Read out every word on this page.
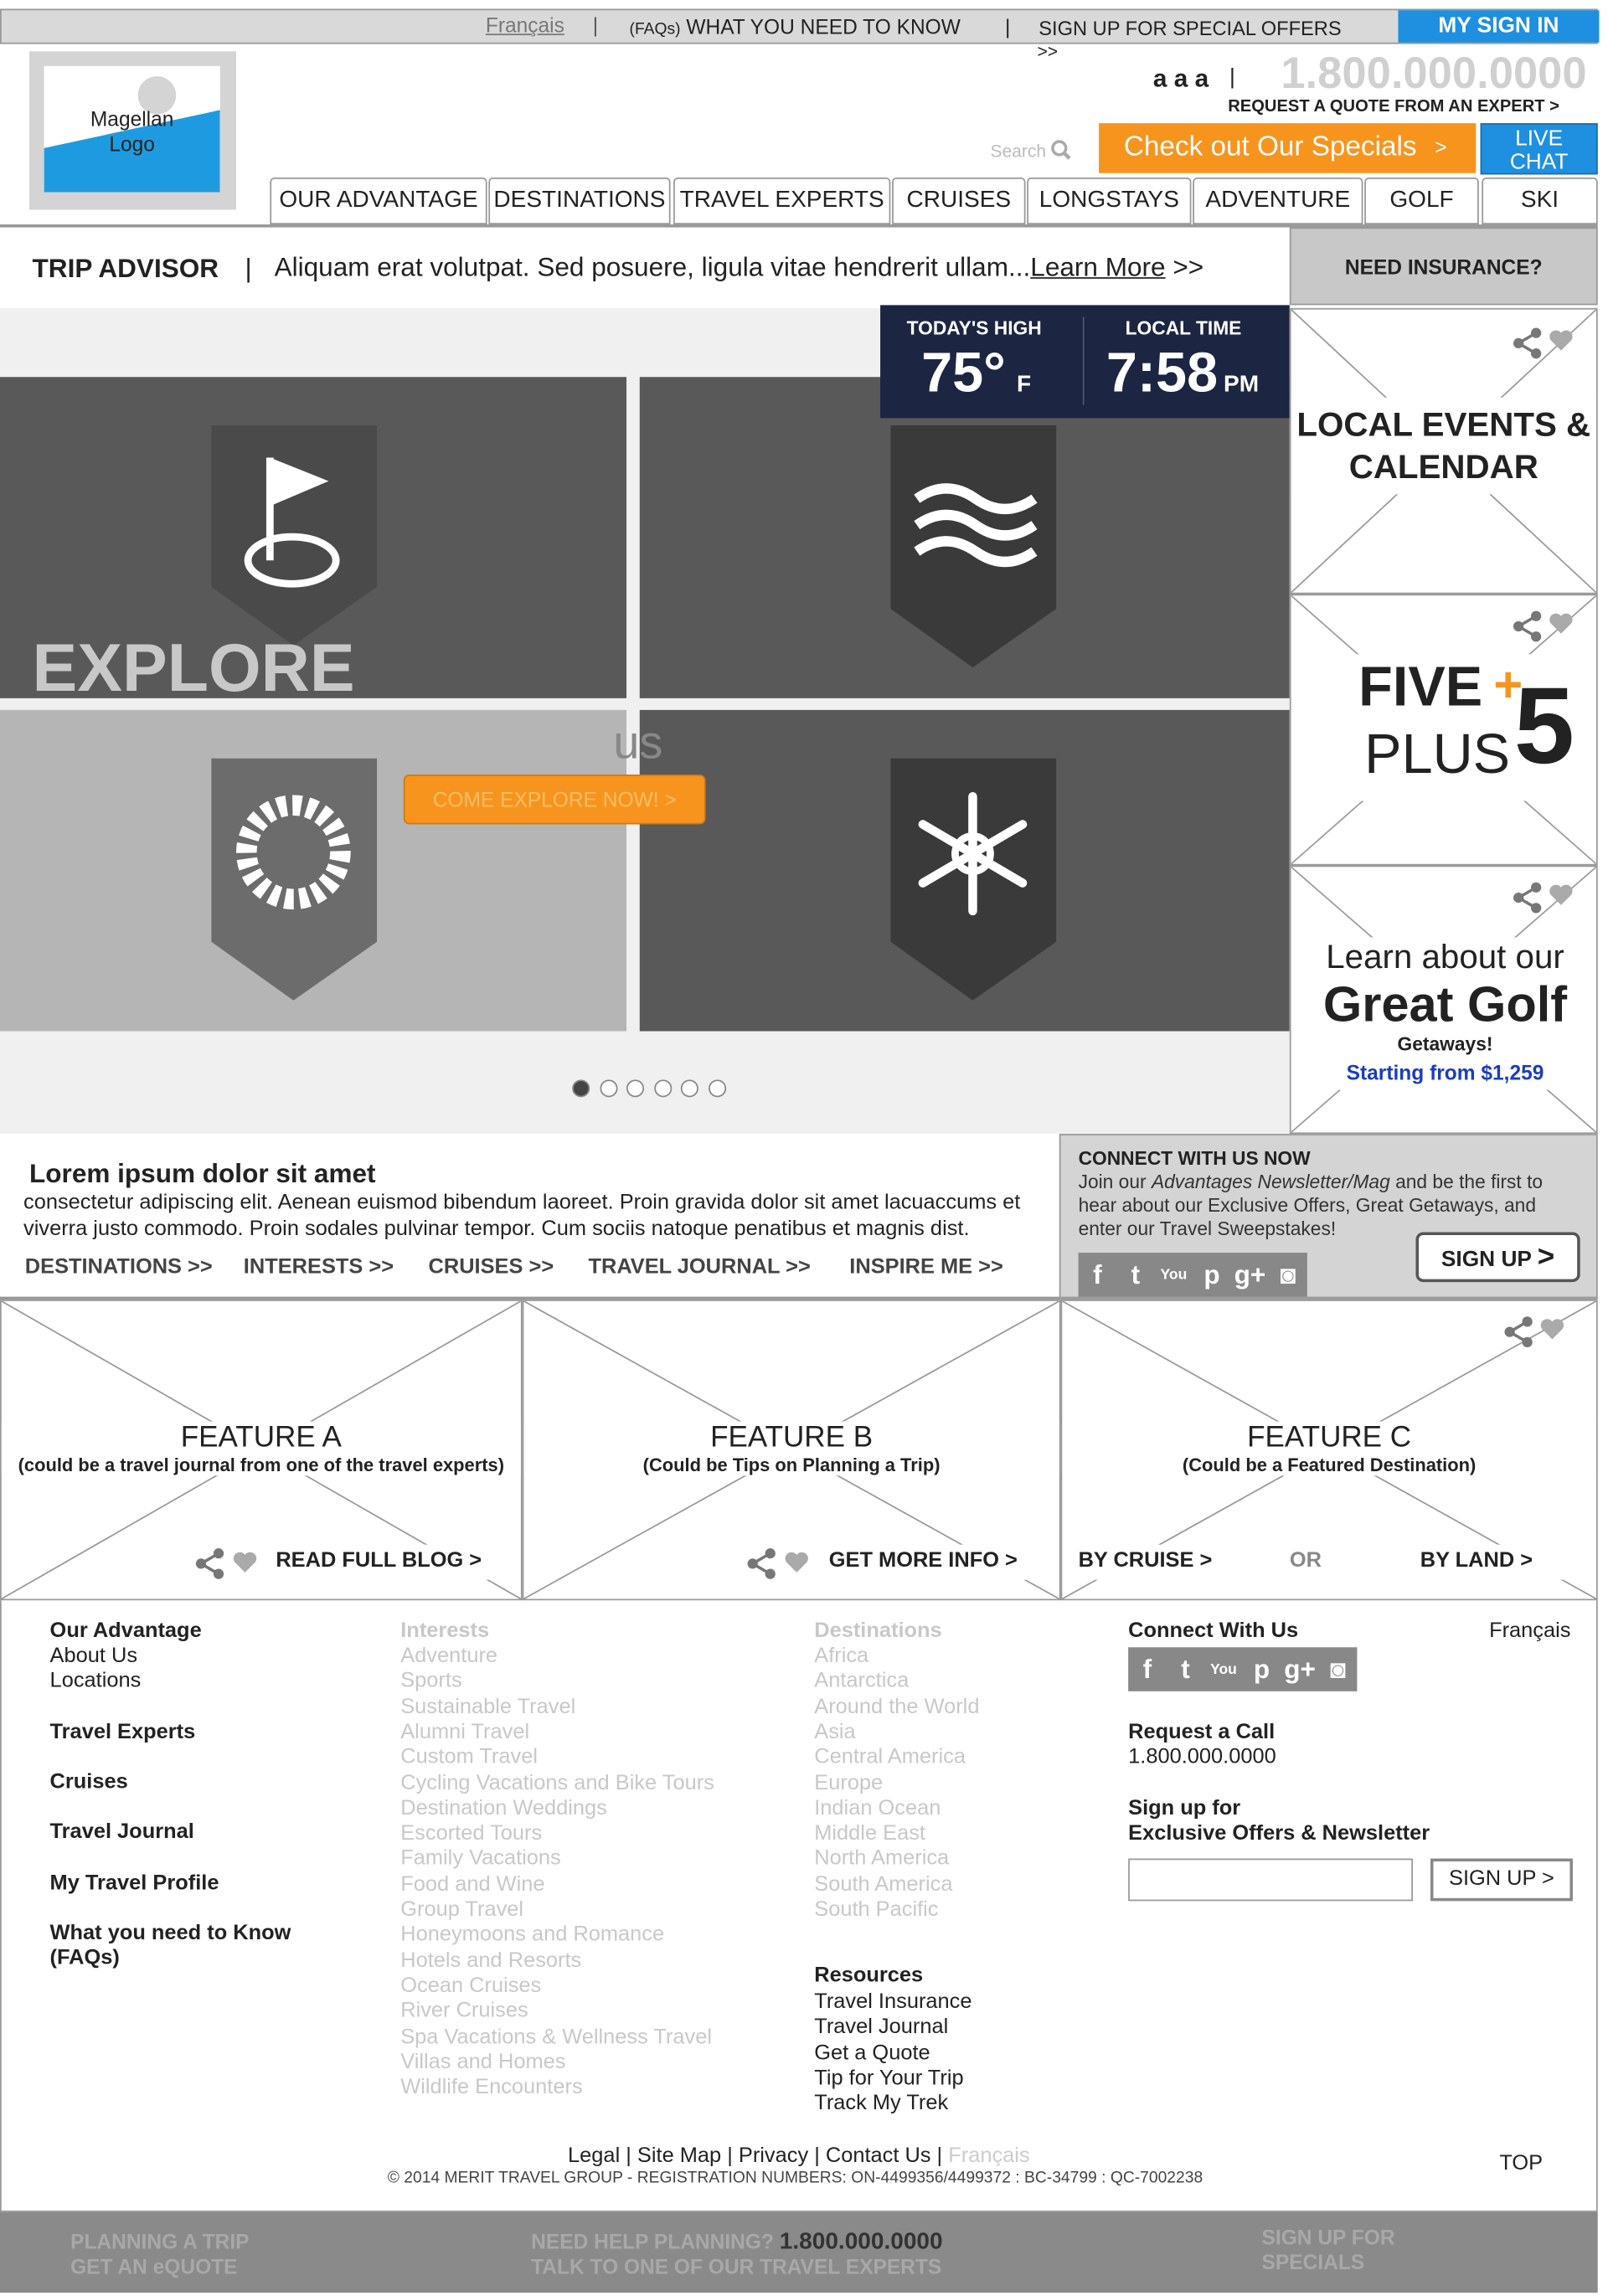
Français |	(FAQs) WHAT YOU NEED TO KNOW	|	SIGN UP FOR SPECIAL OFFERS	MY SIGN IN
>>
Magellan Logo
a a a | 1.800.000.0000
REQUEST A QUOTE FROM AN EXPERT >
Search	Check out Our Specials >	LIVE CHAT
OUR ADVANTAGE	DESTINATIONS	TRAVEL EXPERTS	CRUISES	LONGSTAYS	ADVENTURE	GOLF	SKI
TRIP ADVISOR | Aliquam erat volutpat. Sed posuere, ligula vitae hendrerit ullam...Learn More >>	NEED INSURANCE?
EXPLORE
us
COME EXPLORE NOW! >
TODAY'S HIGH
75° F
LOCAL TIME
7:58 PM
LOCAL EVENTS & CALENDAR
FIVE +
PLUS 5
Learn about our
Great Golf
Getaways!
Starting from $1,259
Lorem ipsum dolor sit amet
consectetur adipiscing elit. Aenean euismod bibendum laoreet. Proin gravida dolor sit amet lacuaccums et viverra justo commodo. Proin sodales pulvinar tempor. Cum sociis natoque penatibus et magnis dist.
DESTINATIONS >>	INTERESTS >>	CRUISES >>	TRAVEL JOURNAL >>	INSPIRE ME >>
CONNECT WITH US NOW
Join our Advantages Newsletter/Mag and be the first to hear about our Exclusive Offers, Great Getaways, and enter our Travel Sweepstakes!
f	t	You	p g+ ◙
SIGN UP >
FEATURE A
(could be a travel journal from one of the travel experts)
READ FULL BLOG >
FEATURE B
(Could be Tips on Planning a Trip)
GET MORE INFO >
FEATURE C
(Could be a Featured Destination)
BY CRUISE >	OR	BY LAND >
Our Advantage
About Us
Locations
Travel Experts
Cruises
Travel Journal
My Travel Profile
What you need to Know
(FAQs)
Interests
Adventure
Sports
Sustainable Travel
Alumni Travel
Custom Travel
Cycling Vacations and Bike Tours
Destination Weddings
Escorted Tours
Family Vacations
Food and Wine
Group Travel
Honeymoons and Romance
Hotels and Resorts
Ocean Cruises
River Cruises
Spa Vacations & Wellness Travel
Villas and Homes
Wildlife Encounters
Destinations
Africa
Antarctica
Around the World
Asia
Central America
Europe
Indian Ocean
Middle East
North America
South America
South Pacific
Resources
Travel Insurance
Travel Journal
Get a Quote
Tip for Your Trip
Track My Trek
Connect With Us	Français
f	t	You	p g+ ◙
Request a Call
1.800.000.0000
Sign up for
Exclusive Offers & Newsletter
SIGN UP >
Legal | Site Map | Privacy | Contact Us | Français
© 2014 MERIT TRAVEL GROUP - REGISTRATION NUMBERS: ON-4499356/4499372 : BC-34799 : QC-7002238
TOP
PLANNING A TRIP
GET AN eQUOTE
NEED HELP PLANNING? 1.800.000.0000
TALK TO ONE OF OUR TRAVEL EXPERTS
SIGN UP FOR
SPECIALS
